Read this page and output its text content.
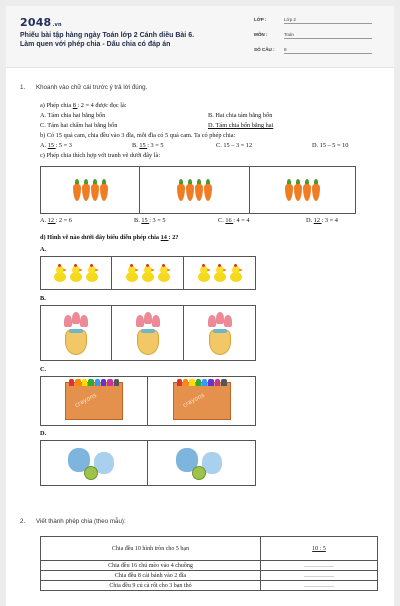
2048.vn
Phiếu bài tập hàng ngày Toán lớp 2 Cánh diều Bài 6. Làm quen với phép chia - Dấu chia có đáp án
LỚP :	Lớp 2
MÔN :	Toán
SỐ CÂU : 8
1. Khoanh vào chữ cái trước ý trả lời đúng.
a) Phép chia 8 : 2 = 4 được đọc là:
A. Tám chia hai bằng bốn	B. Hai chia tám bằng bốn
C. Tám hai chấm hai bằng bốn	D. Tám chia bốn bằng hai
b) Có 15 quả cam, chia đều vào 3 đĩa, mỗi đĩa có 5 quả cam. Ta có phép chia:
A. 15 : 5 = 3	B. 15 : 3 = 5	C. 15 – 3 = 12	D. 15 – 5 = 10
c) Phép chia thích hợp với tranh vẽ dưới đây là:
A. 12 : 2 = 6	B. 15 : 3 = 5	C. 16 : 4 = 4	D. 12 : 3 = 4
d) Hình vẽ nào dưới đây biểu diễn phép chia 14 : 2?
A.
B.
C.
crayons	crayons
D.
2. Viết thành phép chia (theo mẫu):
Chia đều 10 hình tròn cho 5 bạn	10 : 5
Chia đều 16 chú mèo vào 4 chuồng	……………
Chia đều 8 cái bánh vào 2 đĩa	……………
Chia đều 9 củ cà rốt cho 3 bạn thỏ	……………
